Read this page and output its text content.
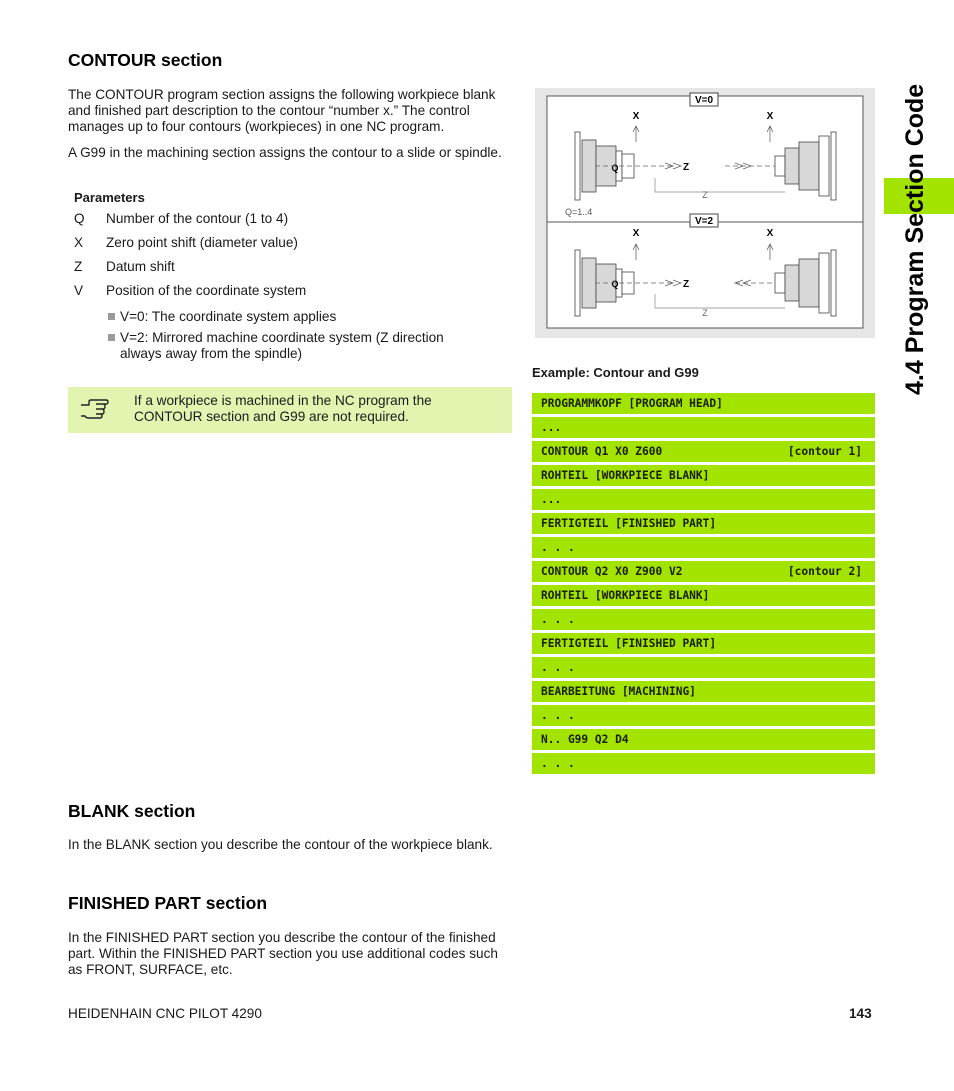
4.4 Program Section Code
CONTOUR section
The CONTOUR program section assigns the following workpiece blank and finished part description to the contour “number x.” The control manages up to four contours (workpieces) in one NC program.
A G99 in the machining section assigns the contour to a slide or spindle.
Parameters
Q Number of the contour (1 to 4)
X Zero point shift (diameter value)
Z Datum shift
V Position of the coordinate system
V=0: The coordinate system applies
V=2: Mirrored machine coordinate system (Z direction
always away from the spindle)
If a workpiece is machined in the NC program the CONTOUR section and G99 are not required.
V=0
X	X
Q	Z
Z
Q=1..4
V=2
X	X
Q	Z
Z
Example: Contour and G99
PROGRAMMKOPF [PROGRAM HEAD]
...
CONTOUR Q1 X0 Z600	[contour 1]
ROHTEIL [WORKPIECE BLANK]
...
FERTIGTEIL [FINISHED PART]
. . .
CONTOUR Q2 X0 Z900 V2	[contour 2]
ROHTEIL [WORKPIECE BLANK]
. . .
FERTIGTEIL [FINISHED PART]
. . .
BEARBEITUNG [MACHINING]
. . .
N.. G99 Q2 D4
. . .
BLANK section
In the BLANK section you describe the contour of the workpiece blank.
FINISHED PART section
In the FINISHED PART section you describe the contour of the finished part. Within the FINISHED PART section you use additional codes such as FRONT, SURFACE, etc.
HEIDENHAIN CNC PILOT 4290	143
